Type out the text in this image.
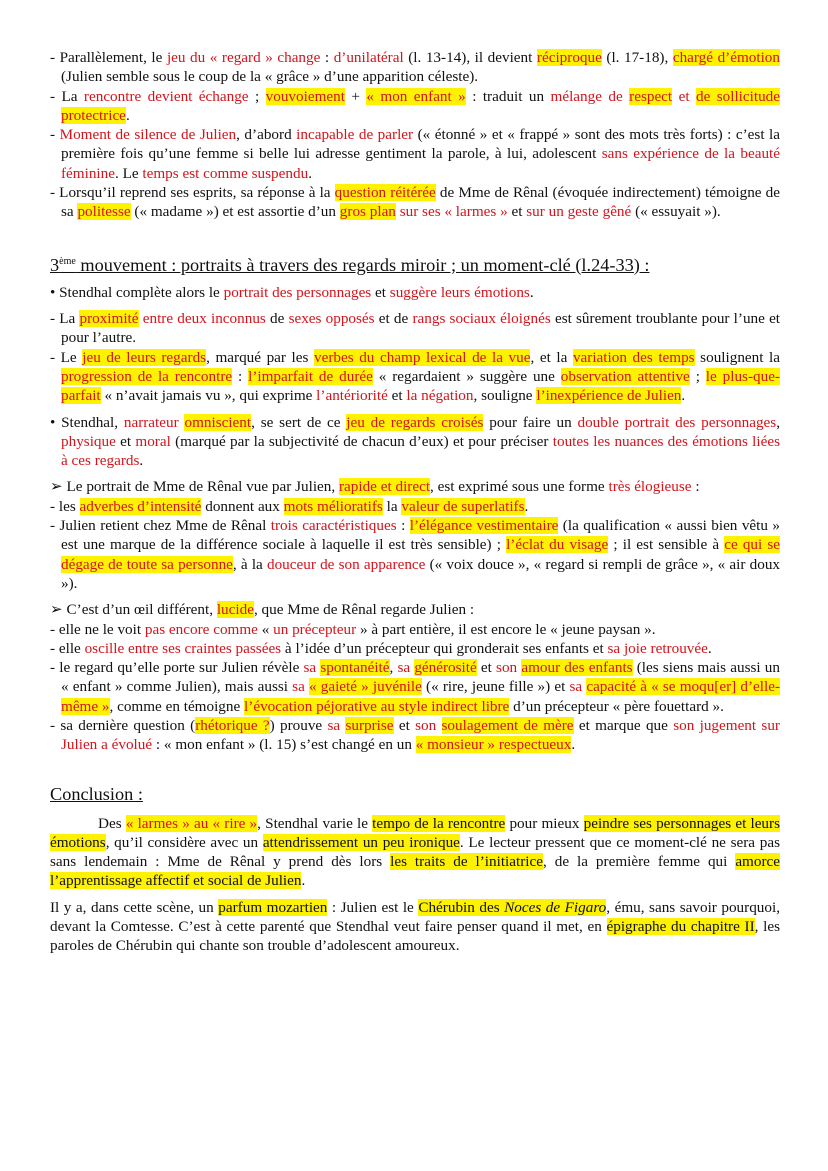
- Parallèlement, le jeu du « regard » change : d’unilatéral (l. 13-14), il devient réciproque (l. 17-18), chargé d’émotion (Julien semble sous le coup de la « grâce » d’une apparition céleste).

- La rencontre devient échange ; vouvoiement + « mon enfant » : traduit un mélange de respect et de sollicitude protectrice.

- Moment de silence de Julien, d’abord incapable de parler (« étonné » et « frappé » sont des mots très forts) : c’est la première fois qu’une femme si belle lui adresse gentiment la parole, à lui, adolescent sans expérience de la beauté féminine. Le temps est comme suspendu.

- Lorsqu’il reprend ses esprits, sa réponse à la question réitérée de Mme de Rênal (évoquée indirectement) témoigne de sa politesse (« madame ») et est assortie d’un gros plan sur ses « larmes » et sur un geste gêné (« essuyait »).

3ème mouvement : portraits à travers des regards miroir ; un moment-clé (l.24-33) :

• Stendhal complète alors le portrait des personnages et suggère leurs émotions.

- La proximité entre deux inconnus de sexes opposés et de rangs sociaux éloignés est sûrement troublante pour l’une et pour l’autre.

- Le jeu de leurs regards, marqué par les verbes du champ lexical de la vue, et la variation des temps soulignent la progression de la rencontre : l’imparfait de durée « regardaient » suggère une observation attentive ; le plus-que-parfait « n’avait jamais vu », qui exprime l’antériorité et la négation, souligne l’inexpérience de Julien.

• Stendhal, narrateur omniscient, se sert de ce jeu de regards croisés pour faire un double portrait des personnages, physique et moral (marqué par la subjectivité de chacun d’eux) et pour préciser toutes les nuances des émotions liées à ces regards.

➢ Le portrait de Mme de Rênal vue par Julien, rapide et direct, est exprimé sous une forme très élogieuse :

- les adverbes d’intensité donnent aux mots mélioratifs la valeur de superlatifs.

- Julien retient chez Mme de Rênal trois caractéristiques : l’élégance vestimentaire (la qualification « aussi bien vêtu » est une marque de la différence sociale à laquelle il est très sensible) ; l’éclat du visage ; il est sensible à ce qui se dégage de toute sa personne, à la douceur de son apparence (« voix douce », « regard si rempli de grâce », « air doux »).

➢ C’est d’un œil différent, lucide, que Mme de Rênal regarde Julien :

- elle ne le voit pas encore comme « un précepteur » à part entière, il est encore le « jeune paysan ».

- elle oscille entre ses craintes passées à l’idée d’un précepteur qui gronderait ses enfants et sa joie retrouvée.

- le regard qu’elle porte sur Julien révèle sa spontanéité, sa générosité et son amour des enfants (les siens mais aussi un « enfant » comme Julien), mais aussi sa « gaieté » juvénile (« rire, jeune fille ») et sa capacité à « se moqu[er] d’elle-même », comme en témoigne l’évocation péjorative au style indirect libre d’un précepteur « père fouettard ».

- sa dernière question (rhétorique ?) prouve sa surprise et son soulagement de mère et marque que son jugement sur Julien a évolué : « mon enfant » (l. 15) s’est changé en un « monsieur » respectueux.

Conclusion :

Des « larmes » au « rire », Stendhal varie le tempo de la rencontre pour mieux peindre ses personnages et leurs émotions, qu’il considère avec un attendrissement un peu ironique. Le lecteur pressent que ce moment-clé ne sera pas sans lendemain : Mme de Rênal y prend dès lors les traits de l’initiatrice, de la première femme qui amorce l’apprentissage affectif et social de Julien.

Il y a, dans cette scène, un parfum mozartien : Julien est le Chérubin des Noces de Figaro, ému, sans savoir pourquoi, devant la Comtesse. C’est à cette parenté que Stendhal veut faire penser quand il met, en épigraphe du chapitre II, les paroles de Chérubin qui chante son trouble d’adolescent amoureux.
